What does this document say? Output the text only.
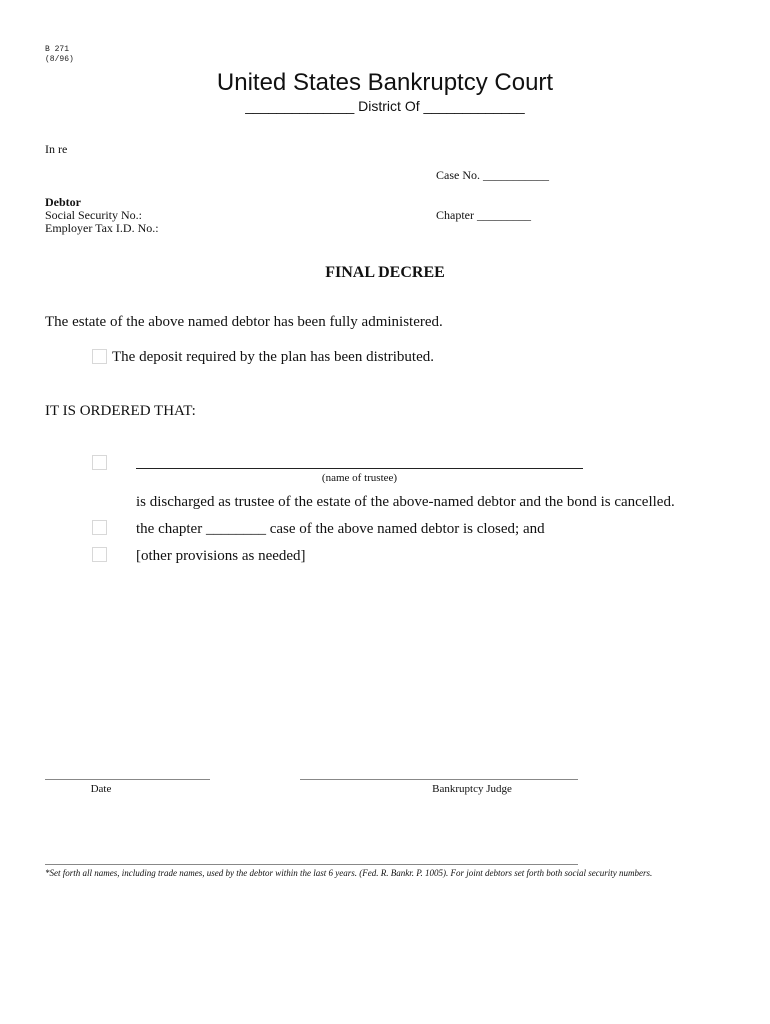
B 271
(8/96)
United States Bankruptcy Court
______________ District Of _____________
In re
Case No. ___________
Debtor
Social Security No.:	Chapter _________
Employer Tax I.D. No.:
FINAL DECREE
The estate of the above named debtor has been fully administered.
The deposit required by the plan has been distributed.
IT IS ORDERED THAT:
(name of trustee)
is discharged as trustee of the estate of the above-named debtor and the bond is cancelled.
the chapter ________ case of the above named debtor is closed; and
[other provisions as needed]
Date	Bankruptcy Judge
*Set forth all names, including trade names, used by the debtor within the last 6 years. (Fed. R. Bankr. P. 1005). For joint debtors set forth both social security numbers.
